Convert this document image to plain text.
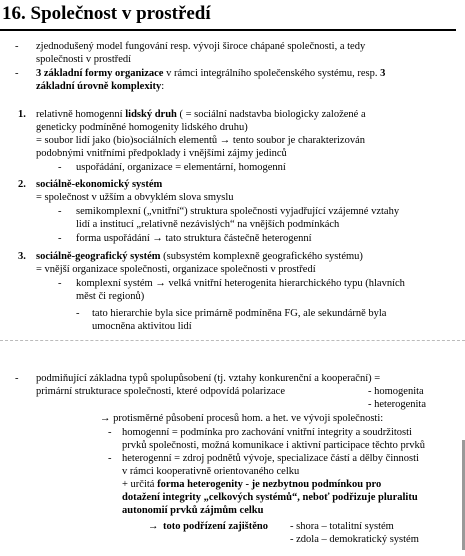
16. Společnost v prostředí
- zjednodušený model fungování resp. vývoji široce chápané společnosti, a tedy
společnosti v prostředí
- 3 základní formy organizace v rámci integrálního společenského systému, resp. 3
základní úrovně komplexity:
1. relativně homogenní lidský druh ( = sociální nadstavba biologicky založené a
geneticky podmíněné homogenity lidského druhu)
= soubor lidí jako (bio)sociálních elementů → tento soubor je charakterizován
podobnými vnitřními předpoklady i vnějšími zájmy jedinců
- uspořádání, organizace = elementární, homogenní
2. sociálně-ekonomický systém
= společnost v užším a obvyklém slova smyslu
- semikomplexní („vnitřní“) struktura společnosti vyjadřující vzájemné vztahy
lidí a institucí „relativně nezávislých“ na vnějších podmínkách
- forma uspořádání → tato struktura částečně heterogenní
3. sociálně-geografický systém (subsystém komplexně geografického systému)
= vnější organizace společnosti, organizace společnosti v prostředí
- komplexní systém → velká vnitřní heterogenita hierarchického typu (hlavních
měst či regionů)
- tato hierarchie byla sice primárně podmíněna FG, ale sekundárně byla
umocněna aktivitou lidí
- podmiňující základna typů spolupůsobení (tj. vztahy konkurenční a kooperační) =
primární strukturace společnosti, které odpovídá polarizace	- homogenita
- heterogenita
→ protisměrné působení procesů hom. a het. ve vývoji společnosti:
- homogenní = podmínka pro zachování vnitřní integrity a soudržitosti
prvků společnosti, možná komunikace i aktivní participace těchto prvků
- heterogenní = zdroj podnětů vývoje, specializace částí a dělby činnosti
v rámci kooperativně orientovaného celku
+ určitá forma heterogenity - je nezbytnou podmínkou pro
dotažení integrity „celkových systémů“, neboť podřizuje pluralitu
autonomií prvků zájmům celku
→ toto podřízení zajištěno - shora – totalitní systém
- zdola – demokratický systém
